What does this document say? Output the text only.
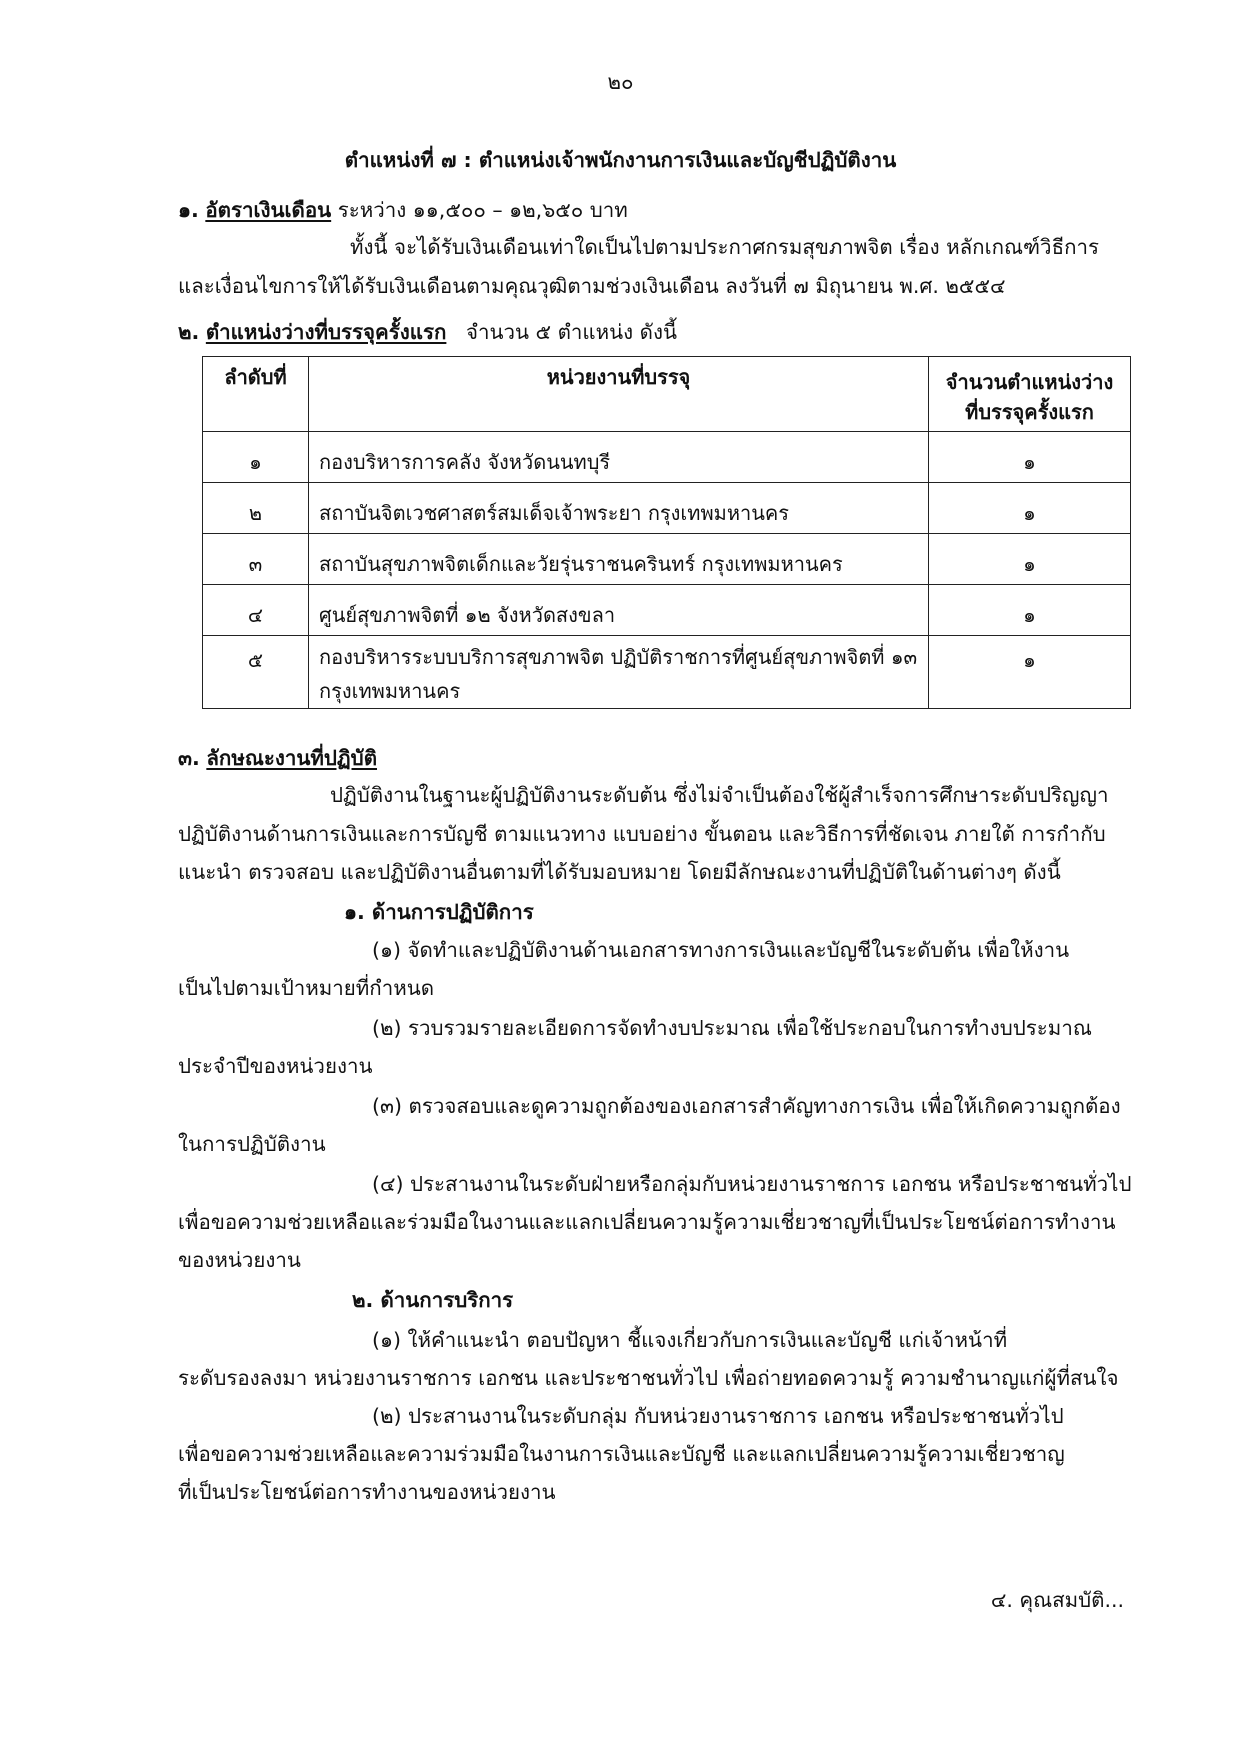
๒๐
ตำแหน่งที่ ๗ : ตำแหน่งเจ้าพนักงานการเงินและบัญชีปฏิบัติงาน
๑. อัตราเงินเดือน ระหว่าง ๑๑,๕๐๐ – ๑๒,๖๕๐ บาท
ทั้งนี้ จะได้รับเงินเดือนเท่าใดเป็นไปตามประกาศกรมสุขภาพจิต เรื่อง หลักเกณฑ์วิธีการ
และเงื่อนไขการให้ได้รับเงินเดือนตามคุณวุฒิตามช่วงเงินเดือน ลงวันที่ ๗ มิถุนายน พ.ศ. ๒๕๕๔
๒. ตำแหน่งว่างที่บรรจุครั้งแรก จำนวน ๕ ตำแหน่ง ดังนี้
ลำดับที่	หน่วยงานที่บรรจุ	จำนวนตำแหน่งว่าง
ที่บรรจุครั้งแรก

๑	กองบริหารการคลัง จังหวัดนนทบุรี	๑

๒	สถาบันจิตเวชศาสตร์สมเด็จเจ้าพระยา กรุงเทพมหานคร	๑

๓	สถาบันสุขภาพจิตเด็กและวัยรุ่นราชนครินทร์ กรุงเทพมหานคร	๑

๔	ศูนย์สุขภาพจิตที่ ๑๒ จังหวัดสงขลา	๑

๕	กองบริหารระบบบริการสุขภาพจิต ปฏิบัติราชการที่ศูนย์สุขภาพจิตที่ ๑๓ กรุงเทพมหานคร	๑
๓. ลักษณะงานที่ปฏิบัติ
ปฏิบัติงานในฐานะผู้ปฏิบัติงานระดับต้น ซึ่งไม่จำเป็นต้องใช้ผู้สำเร็จการศึกษาระดับปริญญา
ปฏิบัติงานด้านการเงินและการบัญชี ตามแนวทาง แบบอย่าง ขั้นตอน และวิธีการที่ชัดเจน ภายใต้ การกำกับ
แนะนำ ตรวจสอบ และปฏิบัติงานอื่นตามที่ได้รับมอบหมาย โดยมีลักษณะงานที่ปฏิบัติในด้านต่างๆ ดังนี้
๑. ด้านการปฏิบัติการ
(๑) จัดทำและปฏิบัติงานด้านเอกสารทางการเงินและบัญชีในระดับต้น เพื่อให้งาน
เป็นไปตามเป้าหมายที่กำหนด
(๒) รวบรวมรายละเอียดการจัดทำงบประมาณ เพื่อใช้ประกอบในการทำงบประมาณ
ประจำปีของหน่วยงาน
(๓) ตรวจสอบและดูความถูกต้องของเอกสารสำคัญทางการเงิน เพื่อให้เกิดความถูกต้อง
ในการปฏิบัติงาน
(๔) ประสานงานในระดับฝ่ายหรือกลุ่มกับหน่วยงานราชการ เอกชน หรือประชาชนทั่วไป
เพื่อขอความช่วยเหลือและร่วมมือในงานและแลกเปลี่ยนความรู้ความเชี่ยวชาญที่เป็นประโยชน์ต่อการทำงาน
ของหน่วยงาน
๒. ด้านการบริการ
(๑) ให้คำแนะนำ ตอบปัญหา ชี้แจงเกี่ยวกับการเงินและบัญชี แก่เจ้าหน้าที่
ระดับรองลงมา หน่วยงานราชการ เอกชน และประชาชนทั่วไป เพื่อถ่ายทอดความรู้ ความชำนาญแก่ผู้ที่สนใจ
(๒) ประสานงานในระดับกลุ่ม กับหน่วยงานราชการ เอกชน หรือประชาชนทั่วไป
เพื่อขอความช่วยเหลือและความร่วมมือในงานการเงินและบัญชี และแลกเปลี่ยนความรู้ความเชี่ยวชาญ
ที่เป็นประโยชน์ต่อการทำงานของหน่วยงาน
๔. คุณสมบัติ...
